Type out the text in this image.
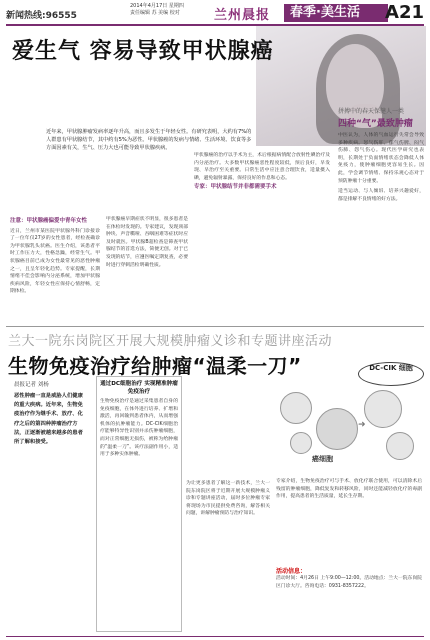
新闻热线:96555
2014年4月17日 星期四
责任编辑 苏 美编 校对	兰州晨报	春季·美生活	A21
爱生气 容易导致甲状腺癌
近年来，甲状腺肿瘤发病率逐年升高，而且多发生于年轻女性。有研究表明，大约有7%的人群患有甲状腺结节，其中约有5%为恶性。甲状腺癌的发病与情绪、生活环境、饮食等多方面因素有关，生气、压力大也可能导致甲状腺疾病。
注意：甲状腺癌偏爱中青年女性
近日，兰州市某医院甲状腺外科门诊接诊了一位年仅27岁的女性患者，经检查确诊为甲状腺乳头状癌。医生介绍，该患者平时工作压力大，性格急躁，经常生气。甲状腺癌目前已成为女性最常见的恶性肿瘤之一，且呈年轻化趋势。专家提醒，长期情绪不佳会影响内分泌系统，增加甲状腺疾病风险，年轻女性应保持心情舒畅，定期体检。
甲状腺癌早期症状不明显，很多患者是在体检时发现的。专家建议，发现颈部肿块、声音嘶哑、吞咽困难等症状时应及时就医。甲状腺B超检查是筛查甲状腺结节的首选方法，简便无创。对于已发现的结节，应遵医嘱定期复查，必要时进行穿刺活检明确性质。
甲状腺癌的治疗以手术为主，术后根据病情配合放射性碘治疗及内分泌治疗。大多数甲状腺癌恶性程度较低，预后良好，早发现、早治疗至关重要。日常生活中应注意合理饮食，适量摄入碘，避免辐射暴露，保持良好的作息和心态。
专家：甲状腺结节并非都需要手术
拼搏中的春天保健人一类
四种“气”最致肿瘤
中医认为，人体的气血运行失常会导致多种疾病。怒气伤肝、郁气伤脾、闷气伤肺、怨气伤心。现代医学研究也表明，长期处于负面情绪状态会降低人体免疫力，使肿瘤细胞更容易生长。因此，学会调节情绪、保持乐观心态对于预防肿瘤十分重要。
适当运动、与人倾诉、培养兴趣爱好，都是排解不良情绪的好方法。
兰大一院东岗院区开展大规模肿瘤义诊和专题讲座活动
生物免疫治疗给肿瘤“温柔一刀”	DC-CIK 细胞
➜
癌细胞
晨报记者 刘杨
恶性肿瘤一直是威胁人们健康的重大疾病。近年来，生物免疫治疗作为继手术、放疗、化疗之后的第四种肿瘤治疗方法，正逐渐被越来越多的患者所了解和接受。
通过DC细胞治疗 实现精准肿瘤免疫治疗
生物免疫治疗是通过采集患者自身的免疫细胞，在体外进行培养、扩增和激活，再回输到患者体内，从而增强机体的抗肿瘤能力。DC-CIK细胞治疗能够特异性识别并杀伤肿瘤细胞，而对正常细胞无损伤，被称为给肿瘤的“温柔一刀”。该疗法副作用小，适用于多种实体肿瘤。
为让更多患者了解这一新技术，兰大一院东岗院区将于近期开展大规模肿瘤义诊和专题讲座活动，届时多位肿瘤专家将现场为市民提供免费咨询，解答相关问题，讲解肿瘤预防与治疗知识。
专家介绍，生物免疫治疗可与手术、放化疗联合使用，可以清除术后残留的肿瘤细胞，降低复发和转移风险，同时还能减轻放化疗的毒副作用，提高患者的生活质量，延长生存期。
活动信息：
活动时间：4月26日 上午9:00—12:00。活动地点：兰大一院东岗院区门诊大厅。咨询电话：0931-8357222。
